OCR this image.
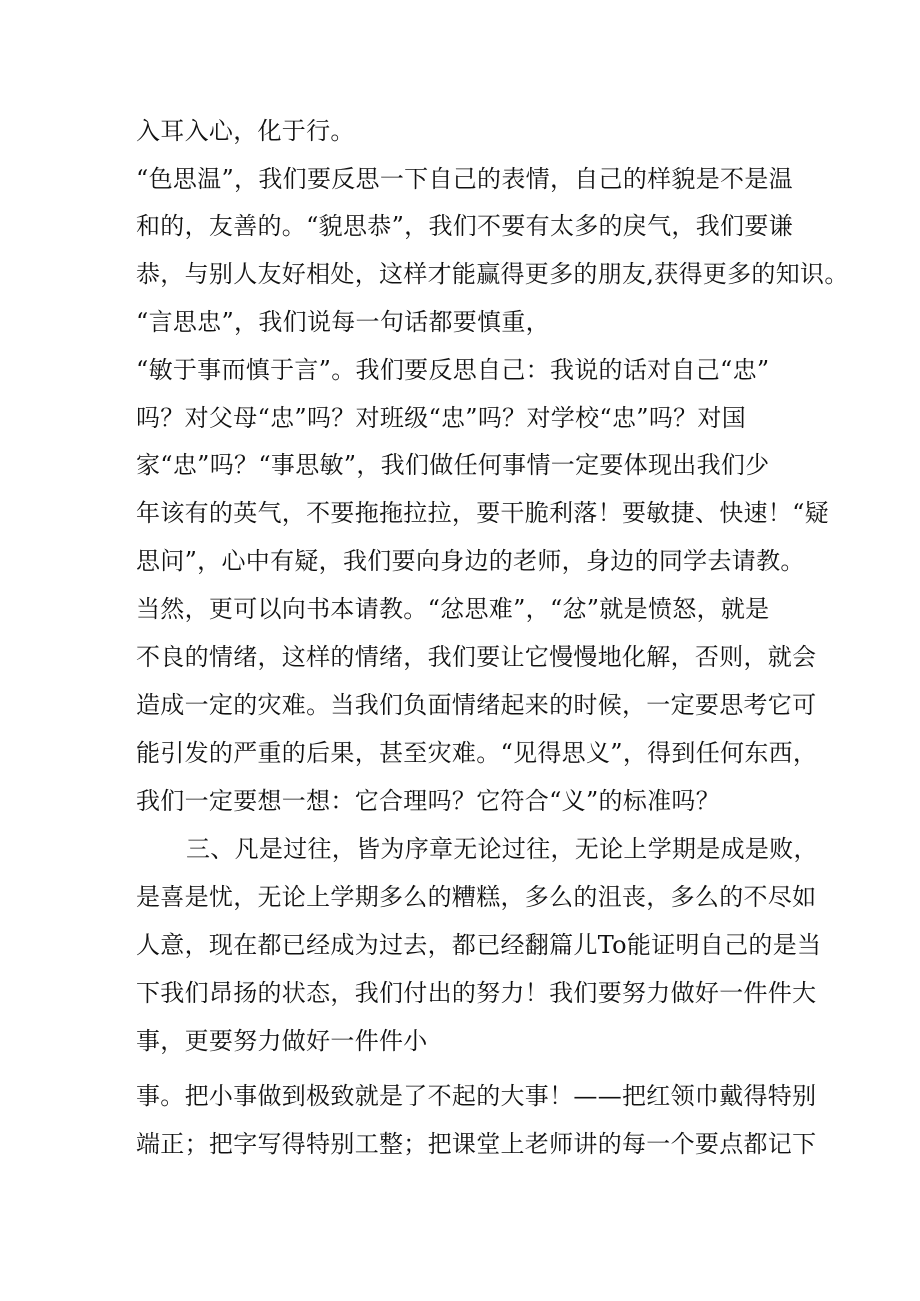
入耳入心，化于行。
“色思温”，我们要反思一下自己的表情，自己的样貌是不是温
和的，友善的。“貌思恭”，我们不要有太多的戾气，我们要谦
恭，与别人友好相处，这样才能赢得更多的朋友,获得更多的知识。
“言思忠”，我们说每一句话都要慎重，
“敏于事而慎于言”。我们要反思自己：我说的话对自己“忠”
吗？对父母“忠”吗？对班级“忠”吗？对学校“忠”吗？对国
家“忠”吗？“事思敏”，我们做任何事情一定要体现出我们少
年该有的英气，不要拖拖拉拉，要干脆利落！要敏捷、快速！“疑
思问”，心中有疑，我们要向身边的老师，身边的同学去请教。
当然，更可以向书本请教。“忿思难”，“忿”就是愤怒，就是
不良的情绪，这样的情绪，我们要让它慢慢地化解，否则，就会
造成一定的灾难。当我们负面情绪起来的时候，一定要思考它可
能引发的严重的后果，甚至灾难。“见得思义”，得到任何东西，
我们一定要想一想：它合理吗？它符合“义”的标准吗？
三、凡是过往，皆为序章无论过往，无论上学期是成是败，
是喜是忧，无论上学期多么的糟糕，多么的沮丧，多么的不尽如
人意，现在都已经成为过去，都已经翻篇儿To能证明自己的是当
下我们昂扬的状态，我们付出的努力！我们要努力做好一件件大
事，更要努力做好一件件小
事。把小事做到极致就是了不起的大事！——把红领巾戴得特别
端正；把字写得特别工整；把课堂上老师讲的每一个要点都记下
